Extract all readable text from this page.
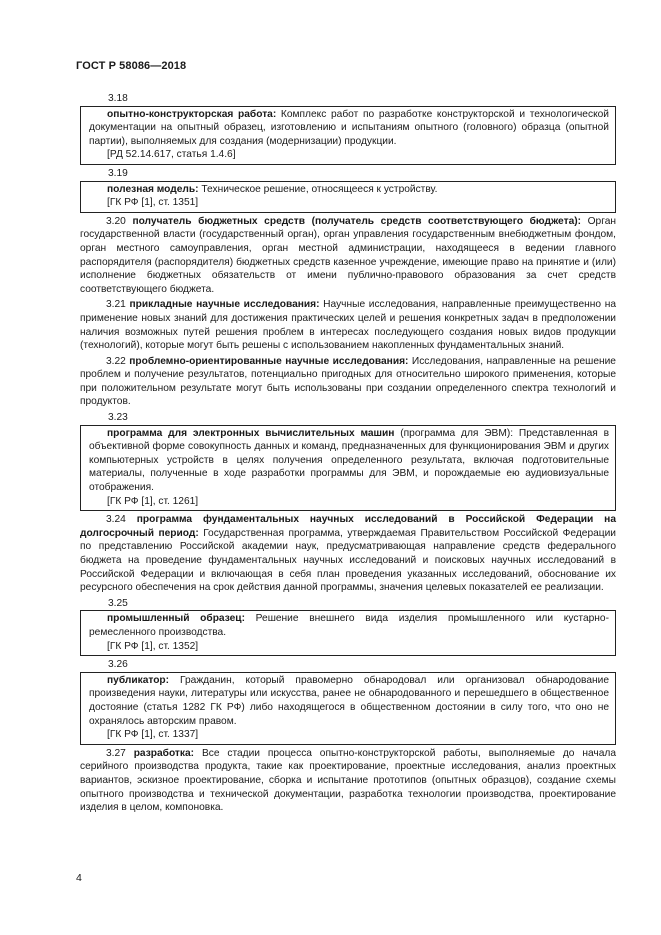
ГОСТ Р 58086—2018

3.18

опытно-конструкторская работа: Комплекс работ по разработке конструкторской и технологической документации на опытный образец, изготовлению и испытаниям опытного (головного) образца (опытной партии), выполняемых для создания (модернизации) продукции.

[РД 52.14.617, статья 1.4.6]

3.19

полезная модель: Техническое решение, относящееся к устройству.

[ГК РФ [1], ст. 1351]

3.20 получатель бюджетных средств (получатель средств соответствующего бюджета): Орган государственной власти (государственный орган), орган управления государственным внебюджетным фондом, орган местного самоуправления, орган местной администрации, находящееся в ведении главного распорядителя (распорядителя) бюджетных средств казенное учреждение, имеющие право на принятие и (или) исполнение бюджетных обязательств от имени публично-правового образования за счет средств соответствующего бюджета.

3.21 прикладные научные исследования: Научные исследования, направленные преимущественно на применение новых знаний для достижения практических целей и решения конкретных задач в предположении наличия возможных путей решения проблем в интересах последующего создания новых видов продукции (технологий), которые могут быть решены с использованием накопленных фундаментальных знаний.

3.22 проблемно-ориентированные научные исследования: Исследования, направленные на решение проблем и получение результатов, потенциально пригодных для относительно широкого применения, которые при положительном результате могут быть использованы при создании определенного спектра технологий и продуктов.

3.23

программа для электронных вычислительных машин (программа для ЭВМ): Представленная в объективной форме совокупность данных и команд, предназначенных для функционирования ЭВМ и других компьютерных устройств в целях получения определенного результата, включая подготовительные материалы, полученные в ходе разработки программы для ЭВМ, и порождаемые ею аудиовизуальные отображения.

[ГК РФ [1], ст. 1261]

3.24 программа фундаментальных научных исследований в Российской Федерации на долгосрочный период: Государственная программа, утверждаемая Правительством Российской Федерации по представлению Российской академии наук, предусматривающая направление средств федерального бюджета на проведение фундаментальных научных исследований и поисковых научных исследований в Российской Федерации и включающая в себя план проведения указанных исследований, обоснование их ресурсного обеспечения на срок действия данной программы, значения целевых показателей ее реализации.

3.25

промышленный образец: Решение внешнего вида изделия промышленного или кустарно-ремесленного производства.

[ГК РФ [1], ст. 1352]

3.26

публикатор: Гражданин, который правомерно обнародовал или организовал обнародование произведения науки, литературы или искусства, ранее не обнародованного и перешедшего в общественное достояние (статья 1282 ГК РФ) либо находящегося в общественном достоянии в силу того, что оно не охранялось авторским правом.

[ГК РФ [1], ст. 1337]

3.27 разработка: Все стадии процесса опытно-конструкторской работы, выполняемые до начала серийного производства продукта, такие как проектирование, проектные исследования, анализ проектных вариантов, эскизное проектирование, сборка и испытание прототипов (опытных образцов), создание схемы опытного производства и технической документации, разработка технологии производства, проектирование изделия в целом, компоновка.

4
